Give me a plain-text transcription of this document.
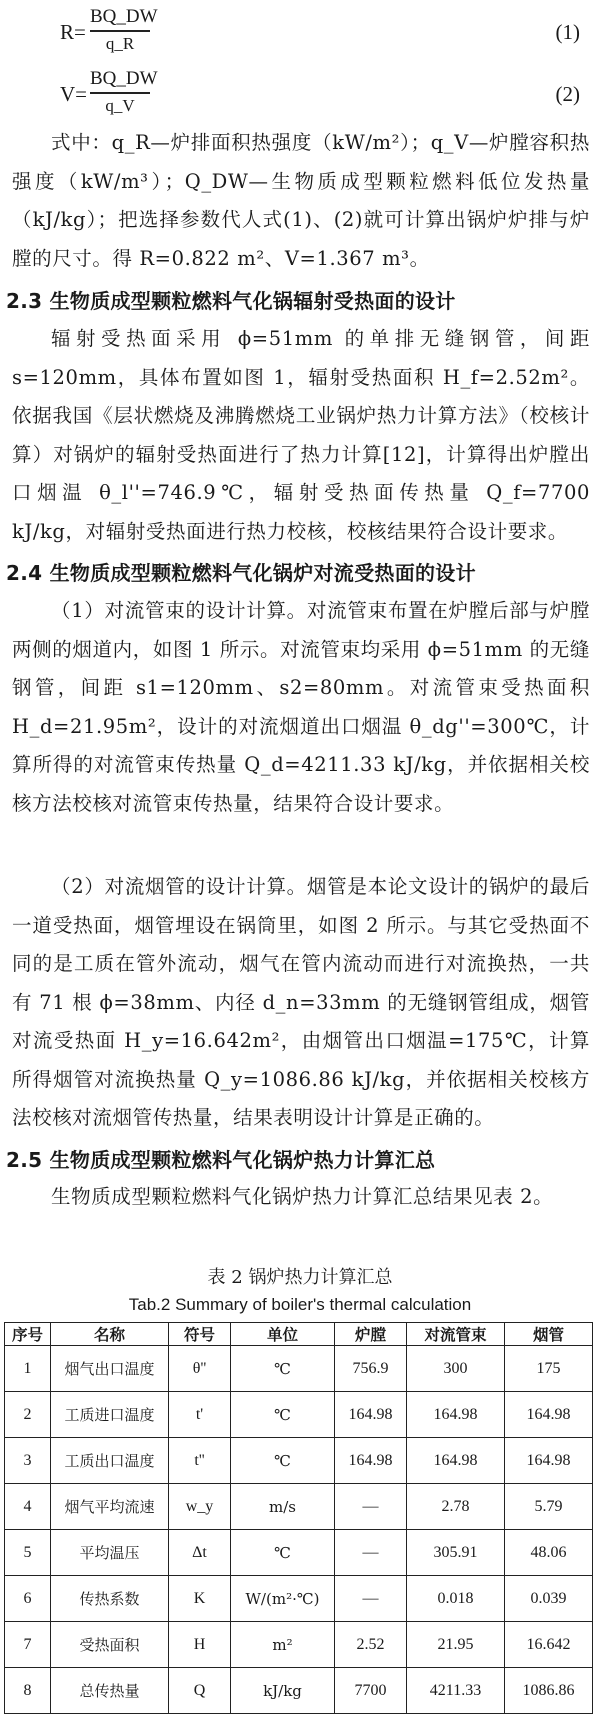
R=
BQ_DW
q_R	(1)
V=
BQ_DW
q_V	(2)

式中：q_R—炉排面积热强度（kW/m²）；q_V—炉膛容积热强度（kW/m³）；Q_DW—生物质成型颗粒燃料低位发热量（kJ/kg）；把选择参数代人式(1)、(2)就可计算出锅炉炉排与炉膛的尺寸。得 R=0.822 m²、V=1.367 m³。

2.3 生物质成型颗粒燃料气化锅辐射受热面的设计

辐射受热面采用 ϕ=51mm 的单排无缝钢管，间距 s=120mm，具体布置如图 1，辐射受热面积 H_f=2.52m²。依据我国《层状燃烧及沸腾燃烧工业锅炉热力计算方法》（校核计算）对锅炉的辐射受热面进行了热力计算[12]，计算得出炉膛出口烟温 θ_l''=746.9℃，辐射受热面传热量 Q_f=7700 kJ/kg，对辐射受热面进行热力校核，校核结果符合设计要求。

2.4 生物质成型颗粒燃料气化锅炉对流受热面的设计

（1）对流管束的设计计算。对流管束布置在炉膛后部与炉膛两侧的烟道内，如图 1 所示。对流管束均采用 ϕ=51mm 的无缝钢管，间距 s1=120mm、s2=80mm。对流管束受热面积 H_d=21.95m²，设计的对流烟道出口烟温 θ_dg''=300℃，计算所得的对流管束传热量 Q_d=4211.33 kJ/kg，并依据相关校核方法校核对流管束传热量，结果符合设计要求。

（2）对流烟管的设计计算。烟管是本论文设计的锅炉的最后一道受热面，烟管埋设在锅筒里，如图 2 所示。与其它受热面不同的是工质在管外流动，烟气在管内流动而进行对流换热，一共有 71 根 ϕ=38mm、内径 d_n=33mm 的无缝钢管组成，烟管对流受热面 H_y=16.642m²，由烟管出口烟温=175℃，计算所得烟管对流换热量 Q_y=1086.86 kJ/kg，并依据相关校核方法校核对流烟管传热量，结果表明设计计算是正确的。

2.5 生物质成型颗粒燃料气化锅炉热力计算汇总

生物质成型颗粒燃料气化锅炉热力计算汇总结果见表 2。

表 2 锅炉热力计算汇总

Tab.2 Summary of boiler's thermal calculation

序号	名称	符号	单位	炉膛	对流管束	烟管
1	烟气出口温度	θ''	℃	756.9	300	175
2	工质进口温度	t'	℃	164.98	164.98	164.98
3	工质出口温度	t''	℃	164.98	164.98	164.98
4	烟气平均流速	w_y	m/s	—	2.78	5.79
5	平均温压	Δt	℃	—	305.91	48.06
6	传热系数	K	W/(m²·℃)	—	0.018	0.039
7	受热面积	H	m²	2.52	21.95	16.642
8	总传热量	Q	kJ/kg	7700	4211.33	1086.86
